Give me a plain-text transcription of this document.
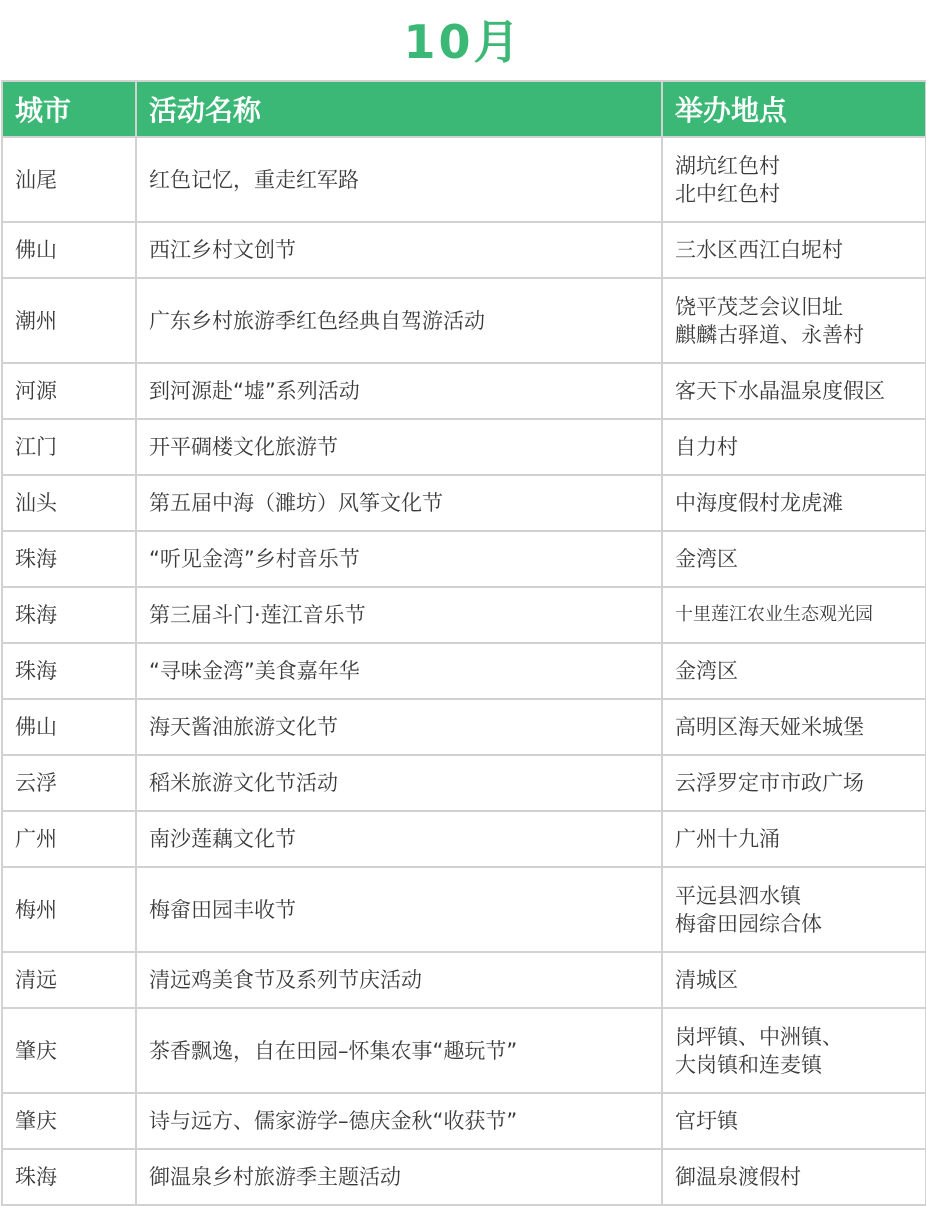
10月
城市	活动名称	举办地点
汕尾	红色记忆，重走红军路	湖坑红色村
北中红色村

佛山	西江乡村文创节	三水区西江白坭村

潮州	广东乡村旅游季红色经典自驾游活动	饶平茂芝会议旧址
麒麟古驿道、永善村

河源	到河源赴“墟”系列活动	客天下水晶温泉度假区

江门	开平碉楼文化旅游节	自力村

汕头	第五届中海（濉坊）风筝文化节	中海度假村龙虎滩

珠海	“听见金湾”乡村音乐节	金湾区

珠海	第三届斗门·莲江音乐节	十里莲江农业生态观光园

珠海	“寻味金湾”美食嘉年华	金湾区

佛山	海天酱油旅游文化节	高明区海天娅米城堡

云浮	稻米旅游文化节活动	云浮罗定市市政广场

广州	南沙莲藕文化节	广州十九涌

梅州	梅畲田园丰收节	平远县泗水镇
梅畲田园综合体

清远	清远鸡美食节及系列节庆活动	清城区

肇庆	茶香飘逸，自在田园–怀集农事“趣玩节”	岗坪镇、中洲镇、
大岗镇和连麦镇

肇庆	诗与远方、儒家游学–德庆金秋“收获节”	官圩镇

珠海	御温泉乡村旅游季主题活动	御温泉渡假村
